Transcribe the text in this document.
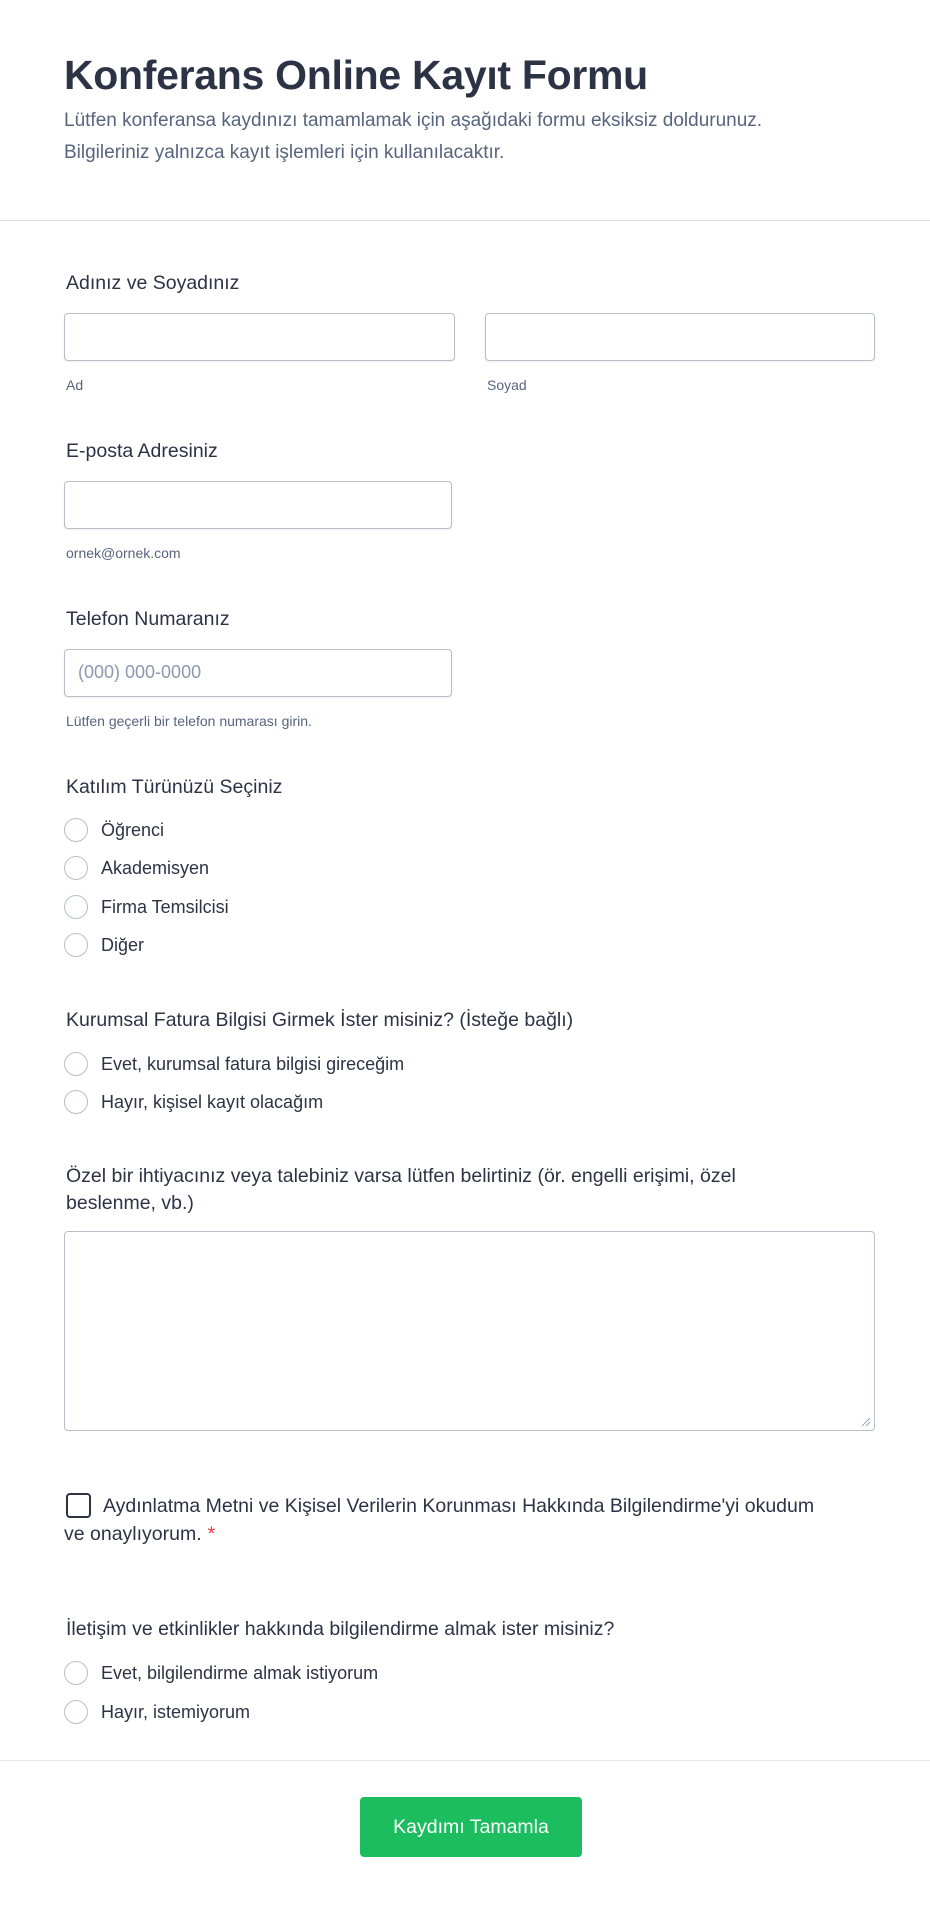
Konferans Online Kayıt Formu

Lütfen konferansa kaydınızı tamamlamak için aşağıdaki formu eksiksiz doldurunuz.

Bilgileriniz yalnızca kayıt işlemleri için kullanılacaktır.

Adınız ve Soyadınız
Ad	Soyad
E-posta Adresiniz
ornek@ornek.com
Telefon Numaranız
(000) 000-0000
Lütfen geçerli bir telefon numarası girin.
Katılım Türünüzü Seçiniz
Öğrenci
Akademisyen
Firma Temsilcisi
Diğer
Kurumsal Fatura Bilgisi Girmek İster misiniz? (İsteğe bağlı)
Evet, kurumsal fatura bilgisi gireceğim
Hayır, kişisel kayıt olacağım
Özel bir ihtiyacınız veya talebiniz varsa lütfen belirtiniz (ör. engelli erişimi, özel beslenme, vb.)

Aydınlatma Metni ve Kişisel Verilerin Korunması Hakkında Bilgilendirme'yi okudum ve onaylıyorum. *

İletişim ve etkinlikler hakkında bilgilendirme almak ister misiniz?
Evet, bilgilendirme almak istiyorum
Hayır, istemiyorum
Kaydımı Tamamla
